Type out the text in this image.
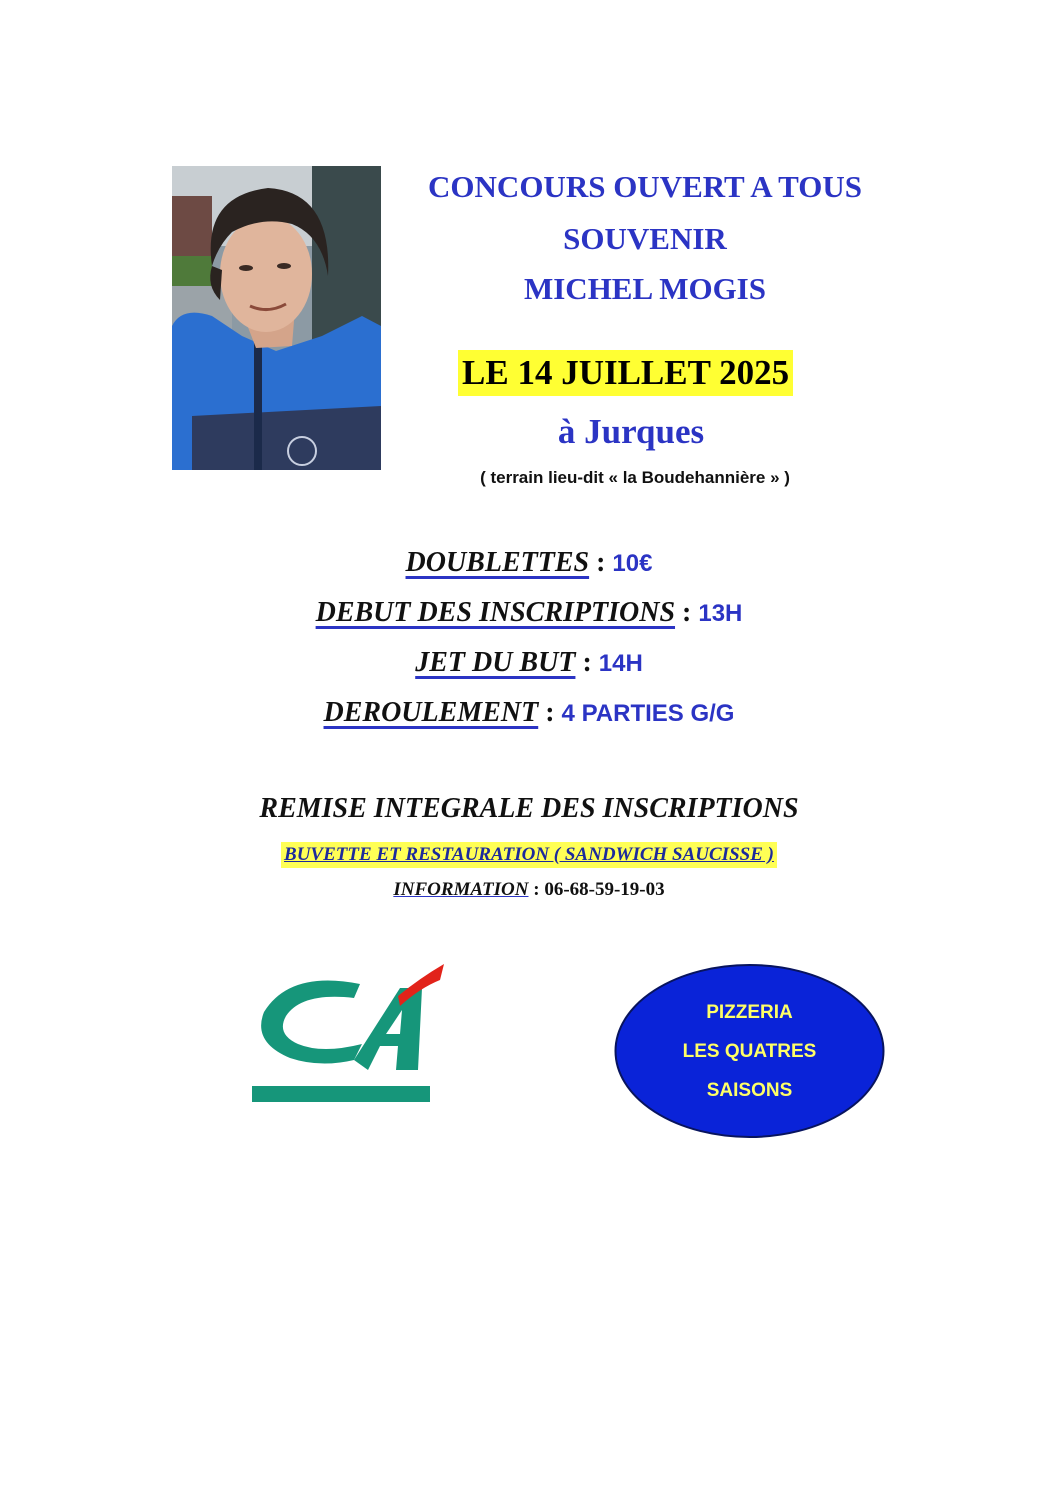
CONCOURS OUVERT A TOUS
SOUVENIR
MICHEL MOGIS
LE 14 JUILLET 2025
à Jurques
( terrain lieu-dit « la Boudehannière » )
DOUBLETTES : 10€
DEBUT DES INSCRIPTIONS : 13H
JET DU BUT : 14H
DEROULEMENT : 4 PARTIES G/G
REMISE INTEGRALE DES INSCRIPTIONS
BUVETTE ET RESTAURATION ( SANDWICH SAUCISSE )
INFORMATION : 06-68-59-19-03
PIZZERIA
LES QUATRES
SAISONS
